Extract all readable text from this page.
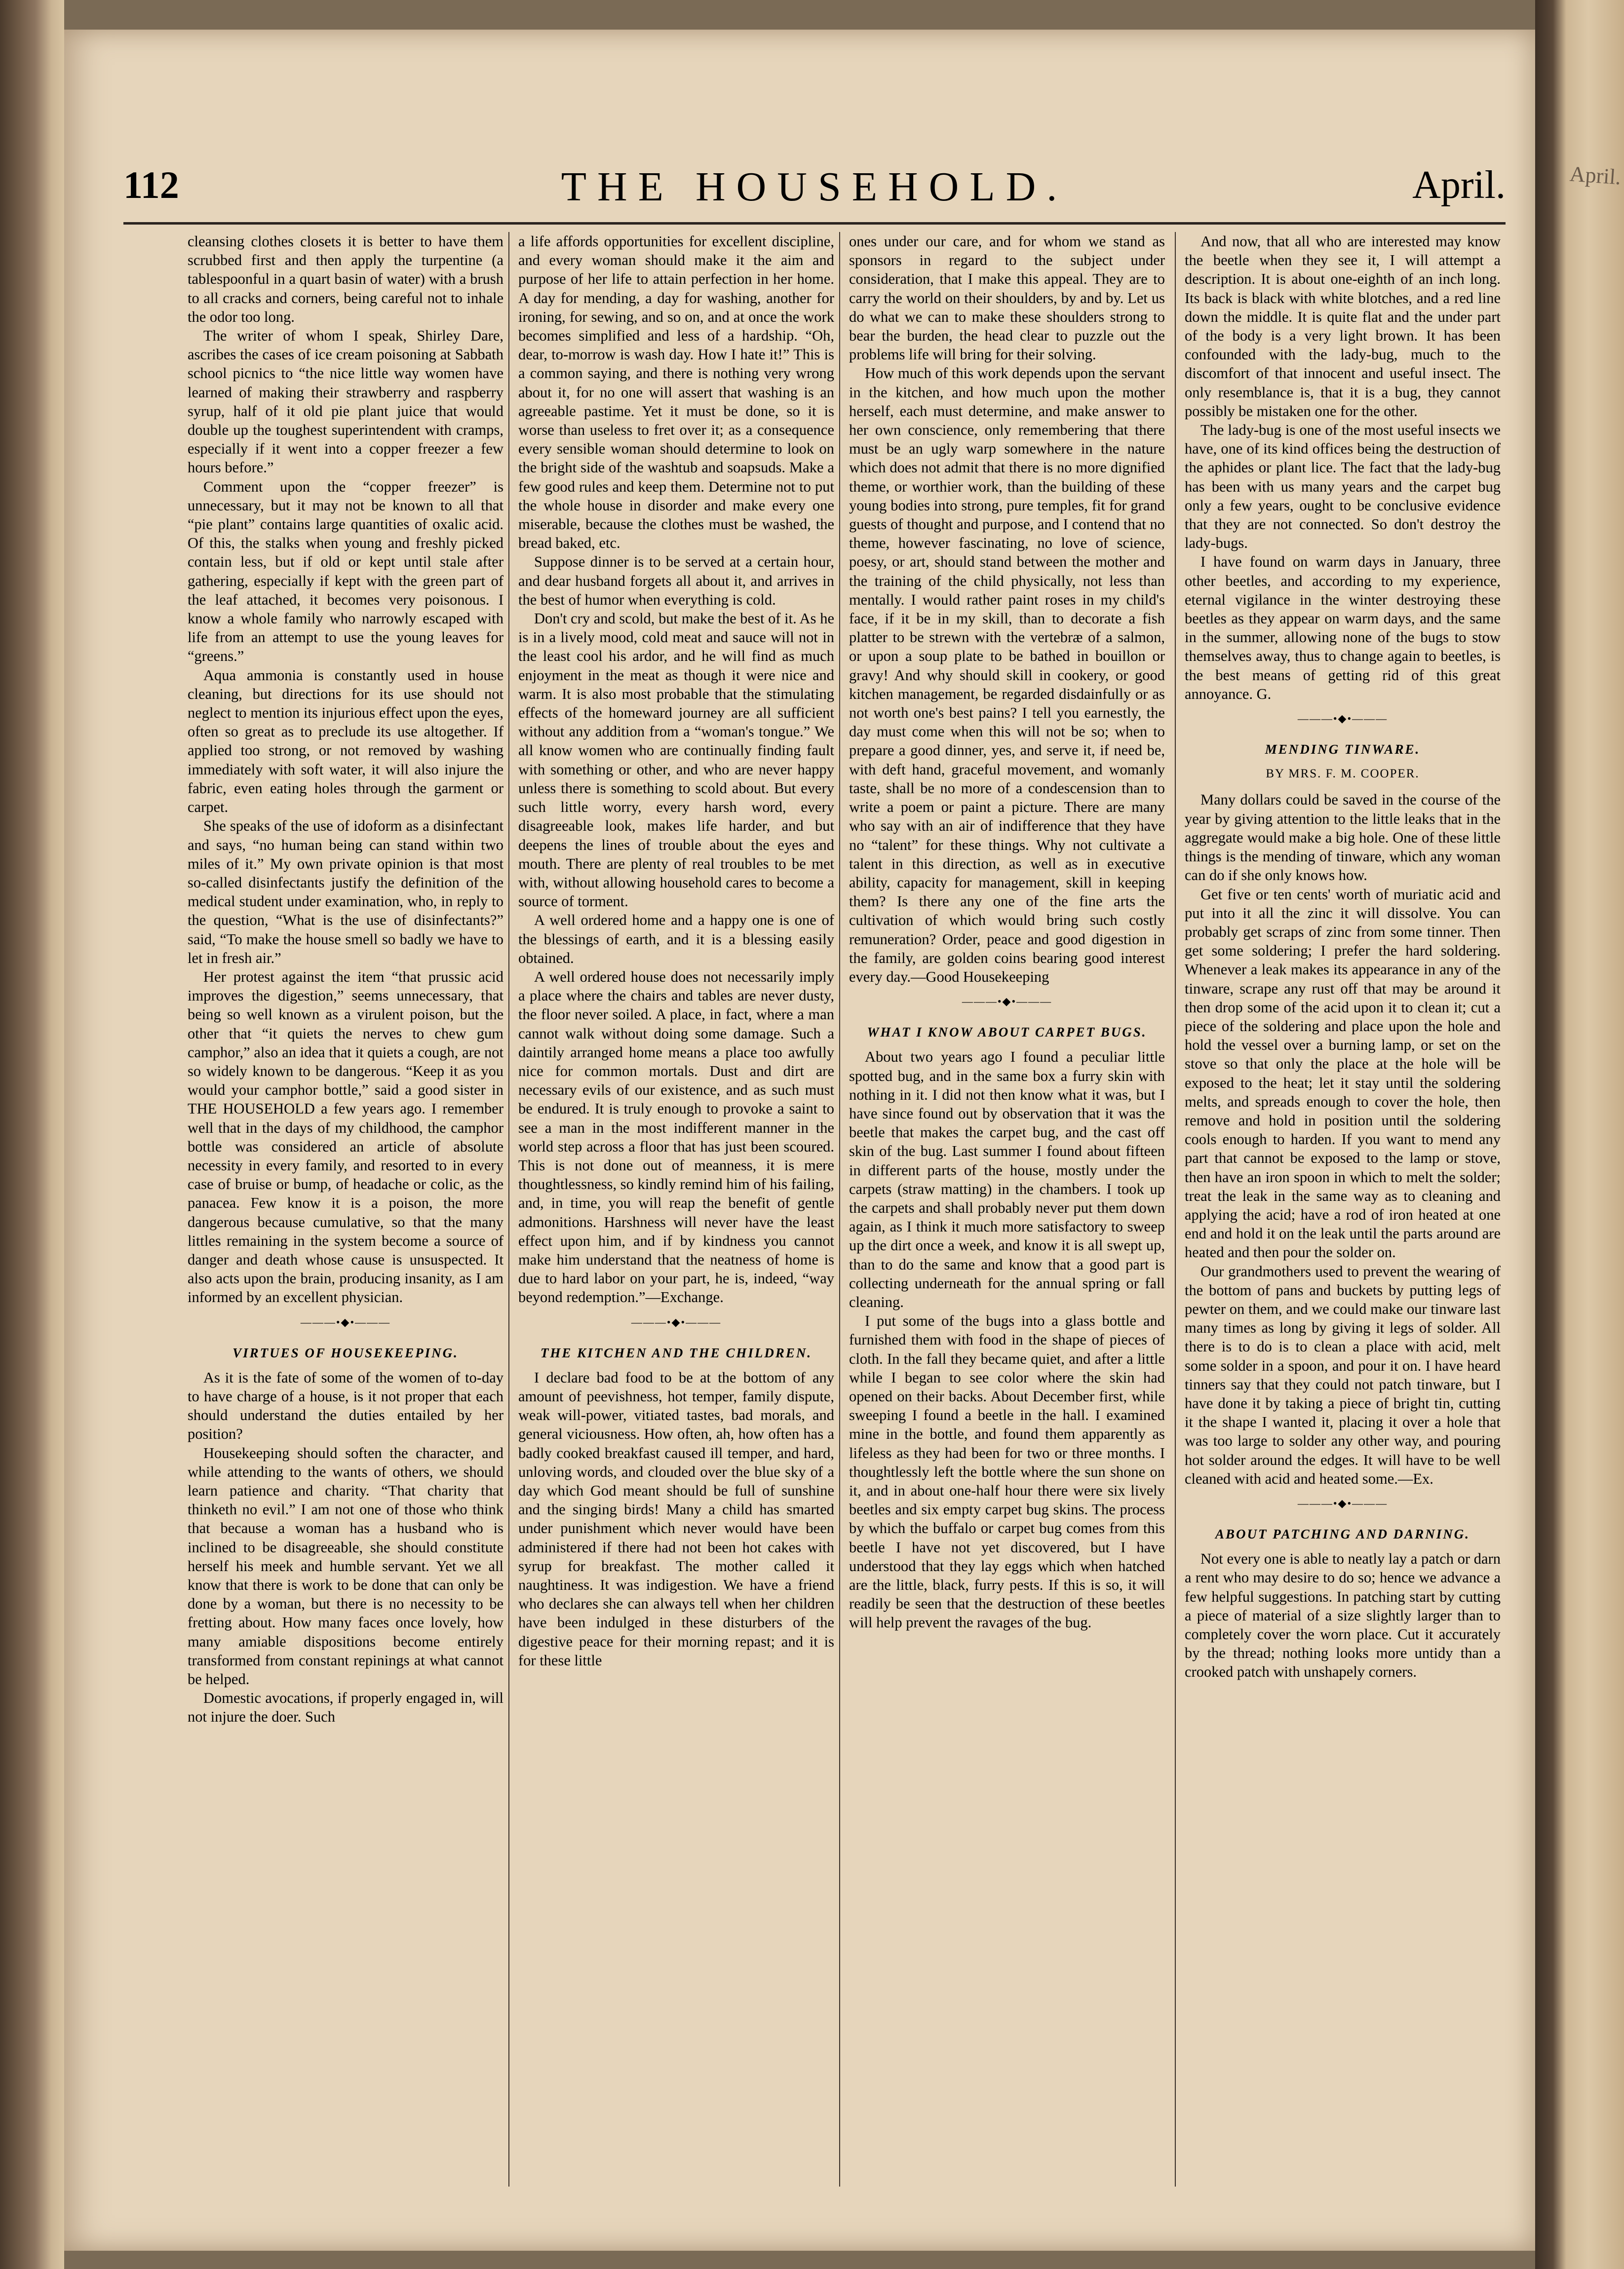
April.
112	THE HOUSEHOLD.	April.

cleansing clothes closets it is better to have them scrubbed first and then apply the turpentine (a tablespoonful in a quart basin of water) with a brush to all cracks and corners, being careful not to inhale the odor too long.

The writer of whom I speak, Shirley Dare, ascribes the cases of ice cream poisoning at Sabbath school picnics to “the nice little way women have learned of making their strawberry and raspberry syrup, half of it old pie plant juice that would double up the toughest superintendent with cramps, especially if it went into a copper freezer a few hours before.”

Comment upon the “copper freezer” is unnecessary, but it may not be known to all that “pie plant” contains large quantities of oxalic acid. Of this, the stalks when young and freshly picked contain less, but if old or kept until stale after gathering, especially if kept with the green part of the leaf attached, it becomes very poisonous. I know a whole family who narrowly escaped with life from an attempt to use the young leaves for “greens.”

Aqua ammonia is constantly used in house cleaning, but directions for its use should not neglect to mention its injurious effect upon the eyes, often so great as to preclude its use altogether. If applied too strong, or not removed by washing immediately with soft water, it will also injure the fabric, even eating holes through the garment or carpet.

She speaks of the use of idoform as a disinfectant and says, “no human being can stand within two miles of it.” My own private opinion is that most so-called disinfectants justify the definition of the medical student under examination, who, in reply to the question, “What is the use of disinfectants?” said, “To make the house smell so badly we have to let in fresh air.”

Her protest against the item “that prussic acid improves the digestion,” seems unnecessary, that being so well known as a virulent poison, but the other that “it quiets the nerves to chew gum camphor,” also an idea that it quiets a cough, are not so widely known to be dangerous. “Keep it as you would your camphor bottle,” said a good sister in THE HOUSEHOLD a few years ago. I remember well that in the days of my childhood, the camphor bottle was considered an article of absolute necessity in every family, and resorted to in every case of bruise or bump, of headache or colic, as the panacea. Few know it is a poison, the more dangerous because cumulative, so that the many littles remaining in the system become a source of danger and death whose cause is unsuspected. It also acts upon the brain, producing insanity, as I am informed by an excellent physician.

———•◆•———
VIRTUES OF HOUSEKEEPING.

As it is the fate of some of the women of to-day to have charge of a house, is it not proper that each should understand the duties entailed by her position?

Housekeeping should soften the character, and while attending to the wants of others, we should learn patience and charity. “That charity that thinketh no evil.” I am not one of those who think that because a woman has a husband who is inclined to be disagreeable, she should constitute herself his meek and humble servant. Yet we all know that there is work to be done that can only be done by a woman, but there is no necessity to be fretting about. How many faces once lovely, how many amiable dispositions become entirely transformed from constant repinings at what cannot be helped.

Domestic avocations, if properly engaged in, will not injure the doer. Such

a life affords opportunities for excellent discipline, and every woman should make it the aim and purpose of her life to attain perfection in her home. A day for mending, a day for washing, another for ironing, for sewing, and so on, and at once the work becomes simplified and less of a hardship. “Oh, dear, to-morrow is wash day. How I hate it!” This is a common saying, and there is nothing very wrong about it, for no one will assert that washing is an agreeable pastime. Yet it must be done, so it is worse than useless to fret over it; as a consequence every sensible woman should determine to look on the bright side of the washtub and soapsuds. Make a few good rules and keep them. Determine not to put the whole house in disorder and make every one miserable, because the clothes must be washed, the bread baked, etc.

Suppose dinner is to be served at a certain hour, and dear husband forgets all about it, and arrives in the best of humor when everything is cold.

Don't cry and scold, but make the best of it. As he is in a lively mood, cold meat and sauce will not in the least cool his ardor, and he will find as much enjoyment in the meat as though it were nice and warm. It is also most probable that the stimulating effects of the homeward journey are all sufficient without any addition from a “woman's tongue.” We all know women who are continually finding fault with something or other, and who are never happy unless there is something to scold about. But every such little worry, every harsh word, every disagreeable look, makes life harder, and but deepens the lines of trouble about the eyes and mouth. There are plenty of real troubles to be met with, without allowing household cares to become a source of torment.

A well ordered home and a happy one is one of the blessings of earth, and it is a blessing easily obtained.

A well ordered house does not necessarily imply a place where the chairs and tables are never dusty, the floor never soiled. A place, in fact, where a man cannot walk without doing some damage. Such a daintily arranged home means a place too awfully nice for common mortals. Dust and dirt are necessary evils of our existence, and as such must be endured. It is truly enough to provoke a saint to see a man in the most indifferent manner in the world step across a floor that has just been scoured. This is not done out of meanness, it is mere thoughtlessness, so kindly remind him of his failing, and, in time, you will reap the benefit of gentle admonitions. Harshness will never have the least effect upon him, and if by kindness you cannot make him understand that the neatness of home is due to hard labor on your part, he is, indeed, “way beyond redemption.”—Exchange.

———•◆•———
THE KITCHEN AND THE CHILDREN.

I declare bad food to be at the bottom of any amount of peevishness, hot temper, family dispute, weak will-power, vitiated tastes, bad morals, and general viciousness. How often, ah, how often has a badly cooked breakfast caused ill temper, and hard, unloving words, and clouded over the blue sky of a day which God meant should be full of sunshine and the singing birds! Many a child has smarted under punishment which never would have been administered if there had not been hot cakes with syrup for breakfast. The mother called it naughtiness. It was indigestion. We have a friend who declares she can always tell when her children have been indulged in these disturbers of the digestive peace for their morning repast; and it is for these little

ones under our care, and for whom we stand as sponsors in regard to the subject under consideration, that I make this appeal. They are to carry the world on their shoulders, by and by. Let us do what we can to make these shoulders strong to bear the burden, the head clear to puzzle out the problems life will bring for their solving.

How much of this work depends upon the servant in the kitchen, and how much upon the mother herself, each must determine, and make answer to her own conscience, only remembering that there must be an ugly warp somewhere in the nature which does not admit that there is no more dignified theme, or worthier work, than the building of these young bodies into strong, pure temples, fit for grand guests of thought and purpose, and I contend that no theme, however fascinating, no love of science, poesy, or art, should stand between the mother and the training of the child physically, not less than mentally. I would rather paint roses in my child's face, if it be in my skill, than to decorate a fish platter to be strewn with the vertebræ of a salmon, or upon a soup plate to be bathed in bouillon or gravy! And why should skill in cookery, or good kitchen management, be regarded disdainfully or as not worth one's best pains? I tell you earnestly, the day must come when this will not be so; when to prepare a good dinner, yes, and serve it, if need be, with deft hand, graceful movement, and womanly taste, shall be no more of a condescension than to write a poem or paint a picture. There are many who say with an air of indifference that they have no “talent” for these things. Why not cultivate a talent in this direction, as well as in executive ability, capacity for management, skill in keeping them? Is there any one of the fine arts the cultivation of which would bring such costly remuneration? Order, peace and good digestion in the family, are golden coins bearing good interest every day.—Good Housekeeping

———•◆•———
WHAT I KNOW ABOUT CARPET BUGS.

About two years ago I found a peculiar little spotted bug, and in the same box a furry skin with nothing in it. I did not then know what it was, but I have since found out by observation that it was the beetle that makes the carpet bug, and the cast off skin of the bug. Last summer I found about fifteen in different parts of the house, mostly under the carpets (straw matting) in the chambers. I took up the carpets and shall probably never put them down again, as I think it much more satisfactory to sweep up the dirt once a week, and know it is all swept up, than to do the same and know that a good part is collecting underneath for the annual spring or fall cleaning.

I put some of the bugs into a glass bottle and furnished them with food in the shape of pieces of cloth. In the fall they became quiet, and after a little while I began to see color where the skin had opened on their backs. About December first, while sweeping I found a beetle in the hall. I examined mine in the bottle, and found them apparently as lifeless as they had been for two or three months. I thoughtlessly left the bottle where the sun shone on it, and in about one-half hour there were six lively beetles and six empty carpet bug skins. The process by which the buffalo or carpet bug comes from this beetle I have not yet discovered, but I have understood that they lay eggs which when hatched are the little, black, furry pests. If this is so, it will readily be seen that the destruction of these beetles will help prevent the ravages of the bug.

And now, that all who are interested may know the beetle when they see it, I will attempt a description. It is about one-eighth of an inch long. Its back is black with white blotches, and a red line down the middle. It is quite flat and the under part of the body is a very light brown. It has been confounded with the lady-bug, much to the discomfort of that innocent and useful insect. The only resemblance is, that it is a bug, they cannot possibly be mistaken one for the other.

The lady-bug is one of the most useful insects we have, one of its kind offices being the destruction of the aphides or plant lice. The fact that the lady-bug has been with us many years and the carpet bug only a few years, ought to be conclusive evidence that they are not connected. So don't destroy the lady-bugs.

I have found on warm days in January, three other beetles, and according to my experience, eternal vigilance in the winter destroying these beetles as they appear on warm days, and the same in the summer, allowing none of the bugs to stow themselves away, thus to change again to beetles, is the best means of getting rid of this great annoyance. G.

———•◆•———
MENDING TINWARE.
BY MRS. F. M. COOPER.

Many dollars could be saved in the course of the year by giving attention to the little leaks that in the aggregate would make a big hole. One of these little things is the mending of tinware, which any woman can do if she only knows how.

Get five or ten cents' worth of muriatic acid and put into it all the zinc it will dissolve. You can probably get scraps of zinc from some tinner. Then get some soldering; I prefer the hard soldering. Whenever a leak makes its appearance in any of the tinware, scrape any rust off that may be around it then drop some of the acid upon it to clean it; cut a piece of the soldering and place upon the hole and hold the vessel over a burning lamp, or set on the stove so that only the place at the hole will be exposed to the heat; let it stay until the soldering melts, and spreads enough to cover the hole, then remove and hold in position until the soldering cools enough to harden. If you want to mend any part that cannot be exposed to the lamp or stove, then have an iron spoon in which to melt the solder; treat the leak in the same way as to cleaning and applying the acid; have a rod of iron heated at one end and hold it on the leak until the parts around are heated and then pour the solder on.

Our grandmothers used to prevent the wearing of the bottom of pans and buckets by putting legs of pewter on them, and we could make our tinware last many times as long by giving it legs of solder. All there is to do is to clean a place with acid, melt some solder in a spoon, and pour it on. I have heard tinners say that they could not patch tinware, but I have done it by taking a piece of bright tin, cutting it the shape I wanted it, placing it over a hole that was too large to solder any other way, and pouring hot solder around the edges. It will have to be well cleaned with acid and heated some.—Ex.

———•◆•———
ABOUT PATCHING AND DARNING.

Not every one is able to neatly lay a patch or darn a rent who may desire to do so; hence we advance a few helpful suggestions. In patching start by cutting a piece of material of a size slightly larger than to completely cover the worn place. Cut it accurately by the thread; nothing looks more untidy than a crooked patch with unshapely corners.
